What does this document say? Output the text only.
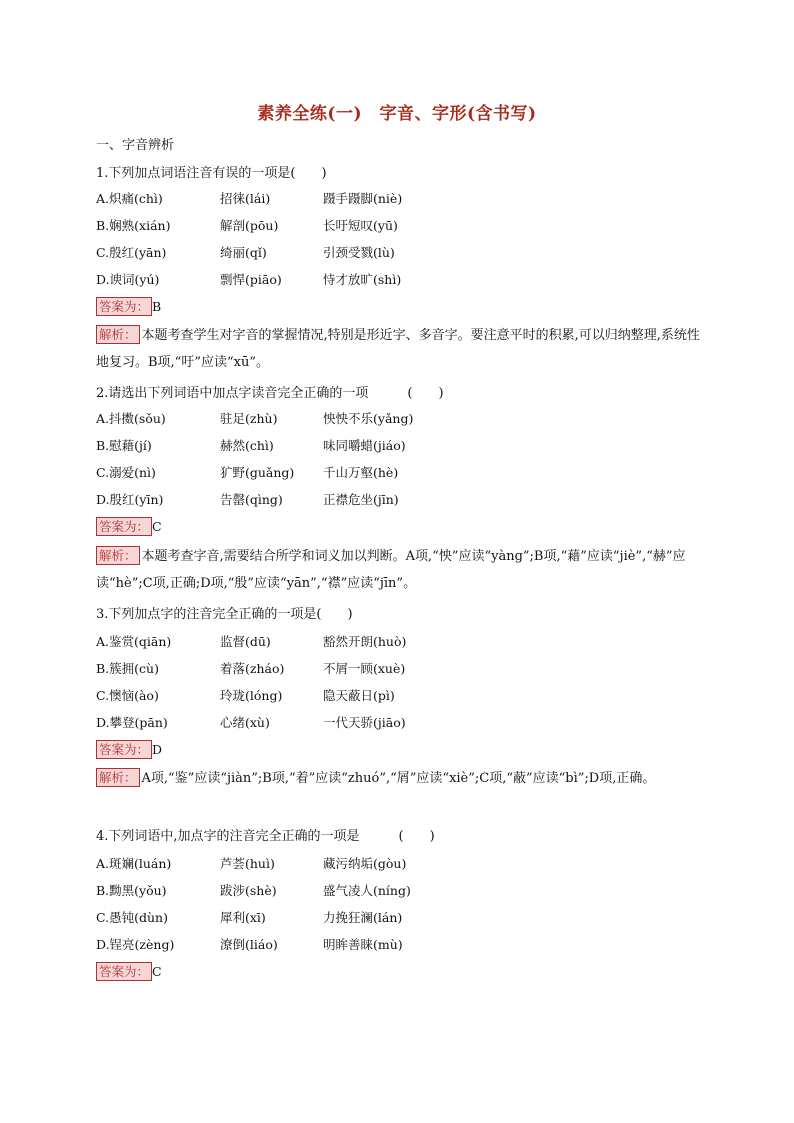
素养全练(一)　字音、字形(含书写)
一、字音辨析
1.下列加点词语注音有误的一项是(　　)
A.炽痛(chì)	招徕(lái)	蹑手蹑脚(niè)
B.娴熟(xián)	解剖(pōu)	长吁短叹(yū)
C.殷红(yān)	绮丽(qǐ)	引颈受戮(lù)
D.谀词(yú)	剽悍(piāo)	恃才放旷(shì)
答案为： B
解析： 本题考查学生对字音的掌握情况,特别是形近字、多音字。要注意平时的积累,可以归纳整理,系统性地复习。B项,“吁”应读“xū”。
2.请选出下列词语中加点字读音完全正确的一项　　　(　　)
A.抖擞(sǒu)	驻足(zhù)	怏怏不乐(yǎng)
B.慰藉(jí)	赫然(chì)	味同嚼蜡(jiáo)
C.溺爱(nì)	犷野(guǎng) 千山万壑(hè)
D.殷红(yīn)	告罄(qìng)	正襟危坐(jīn)
答案为： C
解析： 本题考查字音,需要结合所学和词义加以判断。A项,“怏”应读“yàng”;B项,“藉”应读“jiè”,“赫”应读“hè”;C项,正确;D项,“殷”应读“yān”,“襟”应读“jīn”。
3.下列加点字的注音完全正确的一项是(　　)
A.鉴赏(qiān)	监督(dū)	豁然开朗(huò)
B.簇拥(cù)	着落(zháo)	不屑一顾(xuè)
C.懊恼(ào)	玲珑(lóng)	隐天蔽日(pì)
D.攀登(pān)	心绪(xù)	一代天骄(jiāo)
答案为： D
解析： A项,“鉴”应读“jiàn”;B项,“着”应读“zhuó”,“屑”应读“xiè”;C项,“蔽”应读“bì”;D项,正确。
4.下列词语中,加点字的注音完全正确的一项是　　　(　　)
A.斑斓(luán)	芦荟(huì)	藏污纳垢(gòu)
B.黝黑(yǒu)	跋涉(shè)	盛气凌人(níng)
C.愚钝(dùn)	犀利(xī)	力挽狂澜(lán)
D.锃亮(zèng)	潦倒(liáo)	明眸善睐(mù)
答案为： C
